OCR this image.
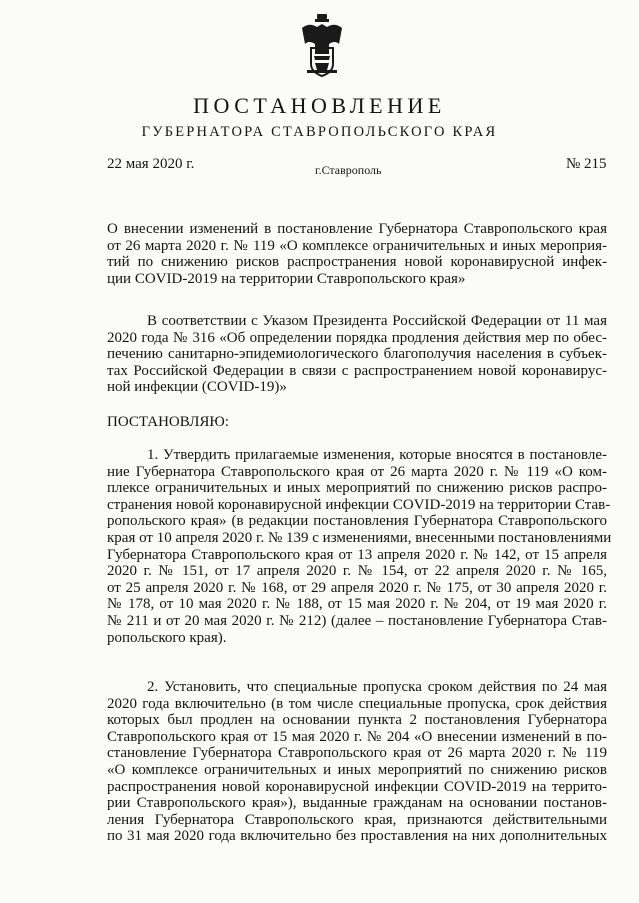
ПОСТАНОВЛЕНИЕ
ГУБЕРНАТОРА СТАВРОПОЛЬСКОГО КРАЯ
22 мая 2020 г.	г.Ставрополь	№ 215
О внесении изменений в постановление Губернатора Ставропольского края
от 26 марта 2020 г. № 119 «О комплексе ограничительных и иных мероприя-
тий по снижению рисков распространения новой коронавирусной инфек-
ции COVID-2019 на территории Ставропольского края»
В соответствии с Указом Президента Российской Федерации от 11 мая
2020 года № 316 «Об определении порядка продления действия мер по обес-
печению санитарно-эпидемиологического благополучия населения в субъек-
тах Российской Федерации в связи с распространением новой коронавирус-
ной инфекции (COVID-19)»
ПОСТАНОВЛЯЮ:
1. Утвердить прилагаемые изменения, которые вносятся в постановле-
ние Губернатора Ставропольского края от 26 марта 2020 г. № 119 «О ком-
плексе ограничительных и иных мероприятий по снижению рисков распро-
странения новой коронавирусной инфекции COVID-2019 на территории Став-
ропольского края» (в редакции постановления Губернатора Ставропольского
края от 10 апреля 2020 г. № 139 с изменениями, внесенными постановлениями
Губернатора Ставропольского края от 13 апреля 2020 г. № 142, от 15 апреля
2020 г. № 151, от 17 апреля 2020 г. № 154, от 22 апреля 2020 г. № 165,
от 25 апреля 2020 г. № 168, от 29 апреля 2020 г. № 175, от 30 апреля 2020 г.
№ 178, от 10 мая 2020 г. № 188, от 15 мая 2020 г. № 204, от 19 мая 2020 г.
№ 211 и от 20 мая 2020 г. № 212) (далее – постановление Губернатора Став-
ропольского края).
2. Установить, что специальные пропуска сроком действия по 24 мая
2020 года включительно (в том числе специальные пропуска, срок действия
которых был продлен на основании пункта 2 постановления Губернатора
Ставропольского края от 15 мая 2020 г. № 204 «О внесении изменений в по-
становление Губернатора Ставропольского края от 26 марта 2020 г. № 119
«О комплексе ограничительных и иных мероприятий по снижению рисков
распространения новой коронавирусной инфекции COVID-2019 на террито-
рии Ставропольского края»), выданные гражданам на основании постанов-
ления Губернатора Ставропольского края, признаются действительными
по 31 мая 2020 года включительно без проставления на них дополнительных
